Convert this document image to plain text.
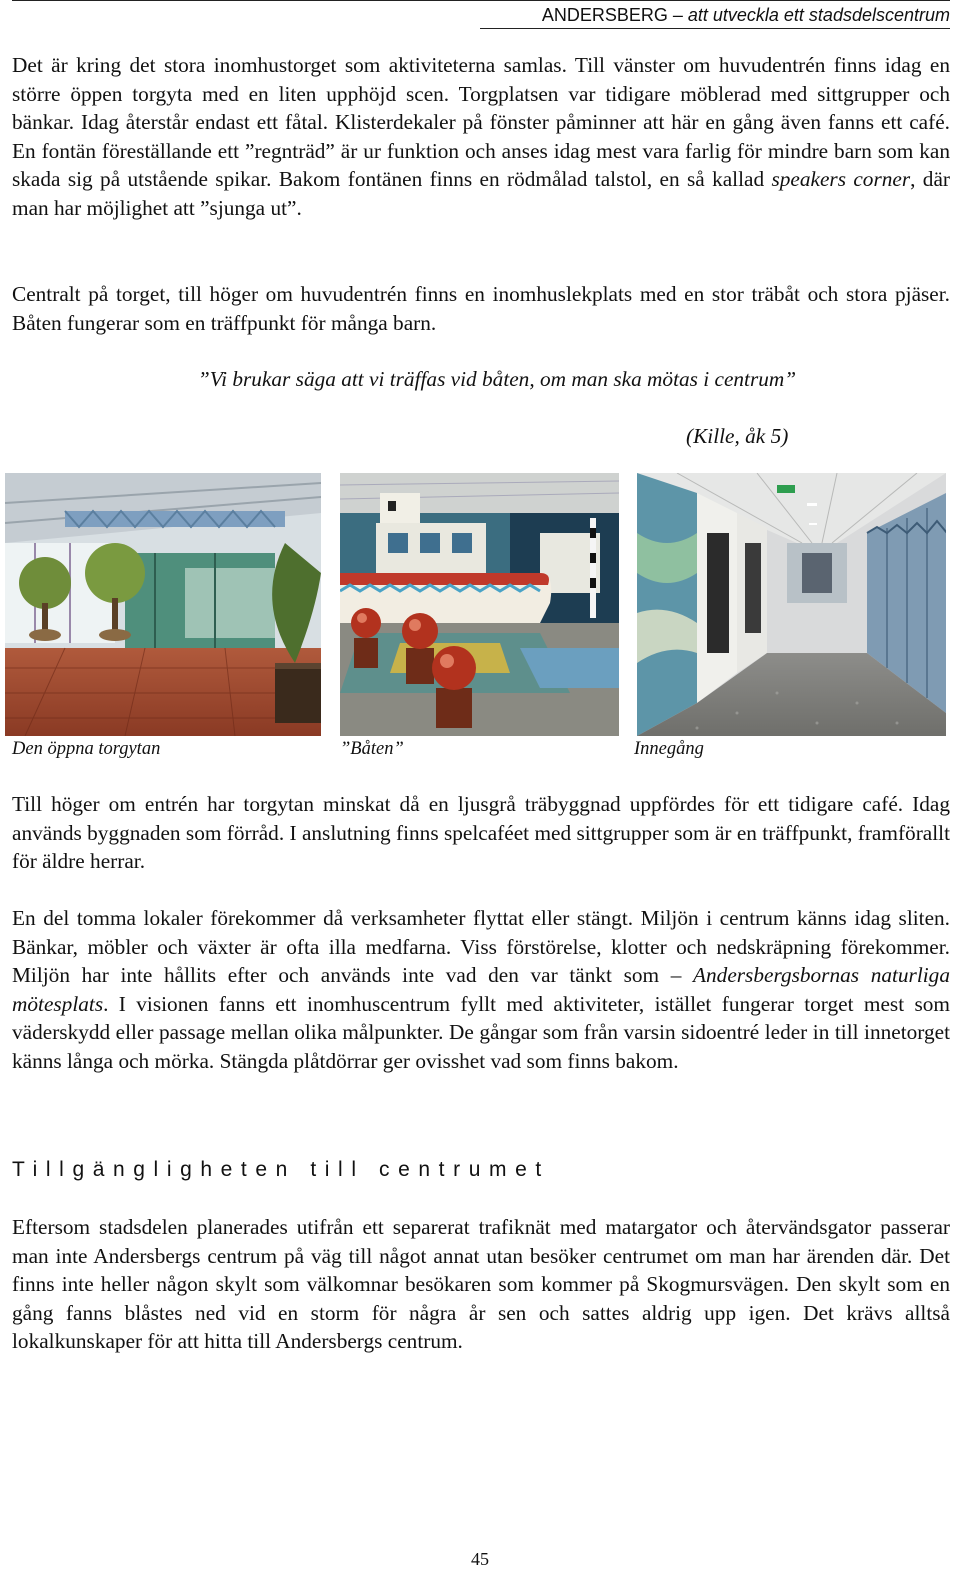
ANDERSBERG – att utveckla ett stadsdelscentrum

Det är kring det stora inomhustorget som aktiviteterna samlas. Till vänster om huvudentrén finns idag en större öppen torgyta med en liten upphöjd scen. Torgplatsen var tidigare möblerad med sittgrupper och bänkar. Idag återstår endast ett fåtal. Klisterdekaler på fönster påminner att här en gång även fanns ett café. En fontän föreställande ett ”regnträd” är ur funktion och anses idag mest vara farlig för mindre barn som kan skada sig på utstående spikar. Bakom fontänen finns en rödmålad talstol, en så kallad speakers corner, där man har möjlighet att ”sjunga ut”.

Centralt på torget, till höger om huvudentrén finns en inomhuslekplats med en stor träbåt och stora pjäser. Båten fungerar som en träffpunkt för många barn.

”Vi brukar säga att vi träffas vid båten, om man ska mötas i centrum”
(Kille, åk 5)
Den öppna torgytan	”Båten”	Innegång

Till höger om entrén har torgytan minskat då en ljusgrå träbyggnad uppfördes för ett tidigare café. Idag används byggnaden som förråd. I anslutning finns spelcaféet med sittgrupper som är en träffpunkt, framförallt för äldre herrar.

En del tomma lokaler förekommer då verksamheter flyttat eller stängt. Miljön i centrum känns idag sliten. Bänkar, möbler och växter är ofta illa medfarna. Viss förstörelse, klotter och nedskräpning förekommer. Miljön har inte hållits efter och används inte vad den var tänkt som – Andersbergsbornas naturliga mötesplats. I visionen fanns ett inomhuscentrum fyllt med aktiviteter, istället fungerar torget mest som väderskydd eller passage mellan olika målpunkter. De gångar som från varsin sidoentré leder in till innetorget känns långa och mörka. Stängda plåtdörrar ger ovisshet vad som finns bakom.

Tillgängligheten till centrumet

Eftersom stadsdelen planerades utifrån ett separerat trafiknät med matargator och återvändsgator passerar man inte Andersbergs centrum på väg till något annat utan besöker centrumet om man har ärenden där. Det finns inte heller någon skylt som välkomnar besökaren som kommer på Skogmursvägen. Den skylt som en gång fanns blåstes ned vid en storm för några år sen och sattes aldrig upp igen. Det krävs alltså lokalkunskaper för att hitta till Andersbergs centrum.

45
